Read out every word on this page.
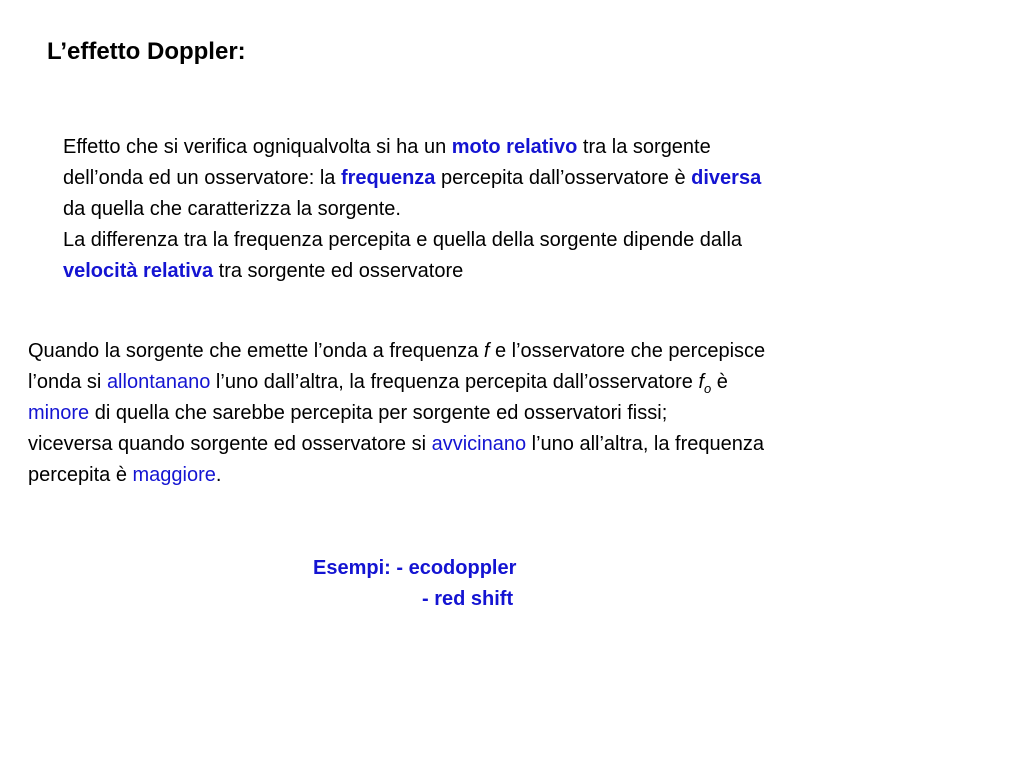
L’effetto Doppler:
Effetto che si verifica ogniqualvolta si ha un moto relativo tra la sorgente
dell’onda ed un osservatore: la frequenza percepita dall’osservatore è diversa
da quella che caratterizza la sorgente.
La differenza tra la frequenza percepita e quella della sorgente dipende dalla
velocità relativa tra sorgente ed osservatore
Quando la sorgente che emette l’onda a frequenza f e l’osservatore che percepisce
l’onda si allontanano l’uno dall’altra, la frequenza percepita dall’osservatore $f_o$ è
minore di quella che sarebbe percepita per sorgente ed osservatori fissi;
viceversa quando sorgente ed osservatore si avvicinano l’uno all’altra, la frequenza
percepita è maggiore.
Esempi: - ecodoppler
- red shift
